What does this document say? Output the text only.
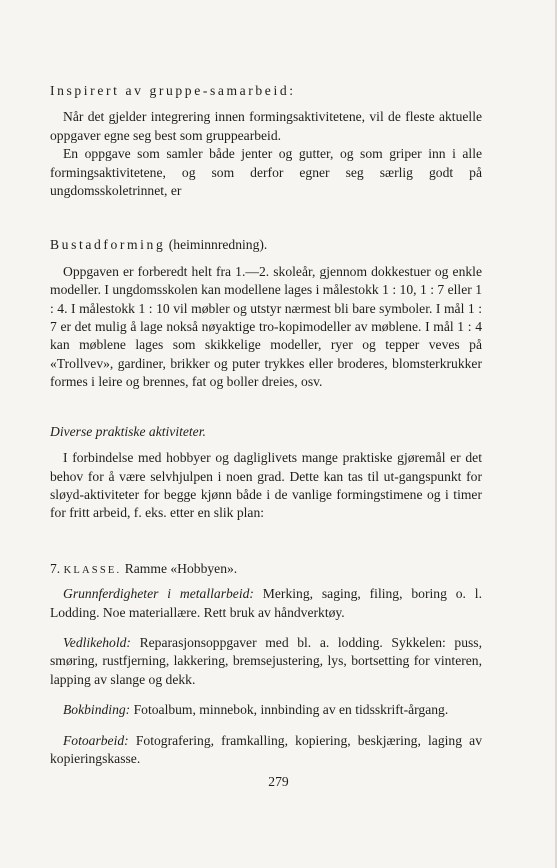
Inspirert av gruppe-samarbeid:

Når det gjelder integrering innen formingsaktivitetene, vil de fleste aktuelle oppgaver egne seg best som gruppearbeid.

En oppgave som samler både jenter og gutter, og som griper inn i alle formingsaktivitetene, og som derfor egner seg særlig godt på ungdomsskoletrinnet, er

Bustadforming (heiminnredning).

Oppgaven er forberedt helt fra 1.—2. skoleår, gjennom dokkestuer og enkle modeller. I ungdomsskolen kan modellene lages i målestokk 1 : 10, 1 : 7 eller 1 : 4. I målestokk 1 : 10 vil møbler og utstyr nærmest bli bare symboler. I mål 1 : 7 er det mulig å lage nokså nøyaktige tro-kopimodeller av møblene. I mål 1 : 4 kan møblene lages som skikkelige modeller, ryer og tepper veves på «Trollvev», gardiner, brikker og puter trykkes eller broderes, blomsterkrukker formes i leire og brennes, fat og boller dreies, osv.

Diverse praktiske aktiviteter.

I forbindelse med hobbyer og dagliglivets mange praktiske gjøremål er det behov for å være selvhjulpen i noen grad. Dette kan tas til ut-gangspunkt for sløyd-aktiviteter for begge kjønn både i de vanlige formingstimene og i timer for fritt arbeid, f. eks. etter en slik plan:

7. KLASSE. Ramme «Hobbyen».

Grunnferdigheter i metallarbeid: Merking, saging, filing, boring o. l. Lodding. Noe materiallære. Rett bruk av håndverktøy.

Vedlikehold: Reparasjonsoppgaver med bl. a. lodding. Sykkelen: puss, smøring, rustfjerning, lakkering, bremsejustering, lys, bortsetting for vinteren, lapping av slange og dekk.

Bokbinding: Fotoalbum, minnebok, innbinding av en tidsskrift-årgang.

Fotoarbeid: Fotografering, framkalling, kopiering, beskjæring, laging av kopieringskasse.

279
